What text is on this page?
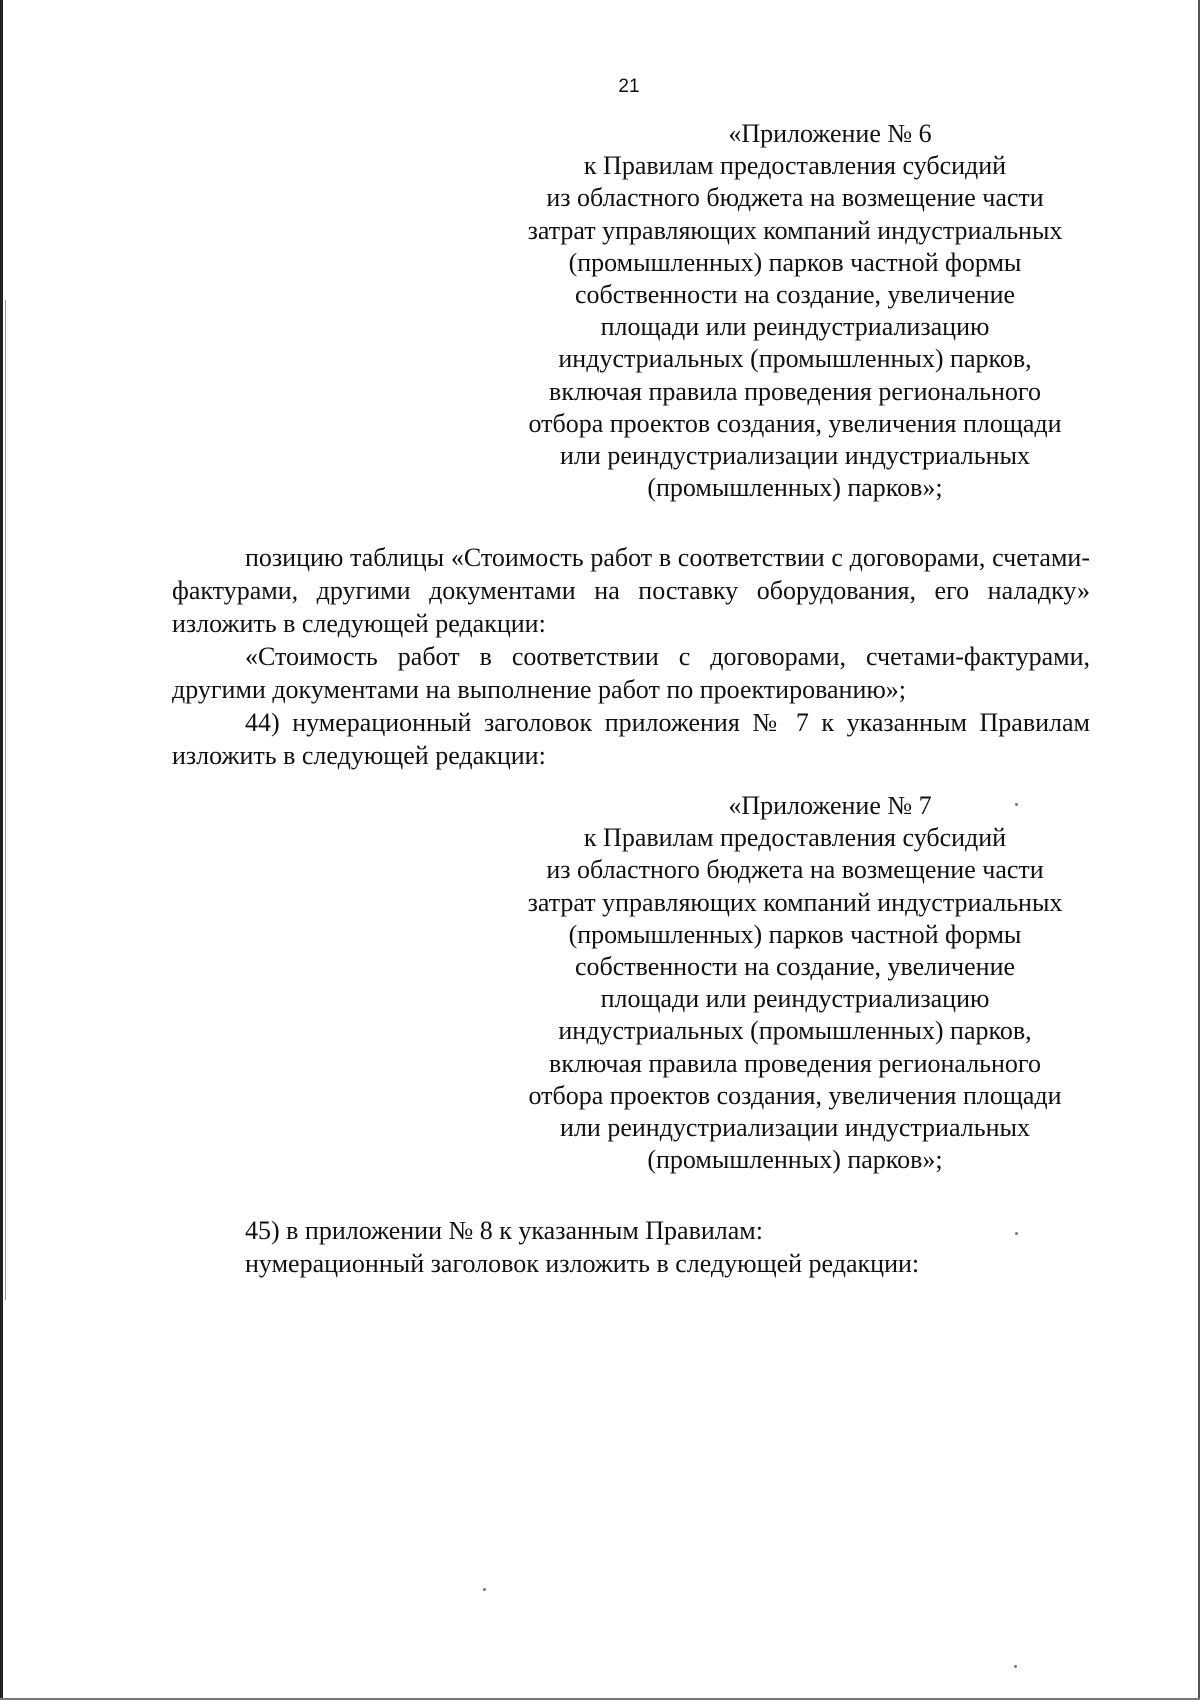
21
«Приложение № 6
к Правилам предоставления субсидий
из областного бюджета на возмещение части
затрат управляющих компаний индустриальных
(промышленных) парков частной формы
собственности на создание, увеличение
площади или реиндустриализацию
индустриальных (промышленных) парков,
включая правила проведения регионального
отбора проектов создания, увеличения площади
или реиндустриализации индустриальных
(промышленных) парков»;

позицию таблицы «Стоимость работ в соответствии с договорами, счетами-фактурами, другими документами на поставку оборудования, его наладку» изложить в следующей редакции:

«Стоимость работ в соответствии с договорами, счетами-фактурами, другими документами на выполнение работ по проектированию»;

44) нумерационный заголовок приложения № 7 к указанным Правилам изложить в следующей редакции:

«Приложение № 7
к Правилам предоставления субсидий
из областного бюджета на возмещение части
затрат управляющих компаний индустриальных
(промышленных) парков частной формы
собственности на создание, увеличение
площади или реиндустриализацию
индустриальных (промышленных) парков,
включая правила проведения регионального
отбора проектов создания, увеличения площади
или реиндустриализации индустриальных
(промышленных) парков»;

45) в приложении № 8 к указанным Правилам:

нумерационный заголовок изложить в следующей редакции:
